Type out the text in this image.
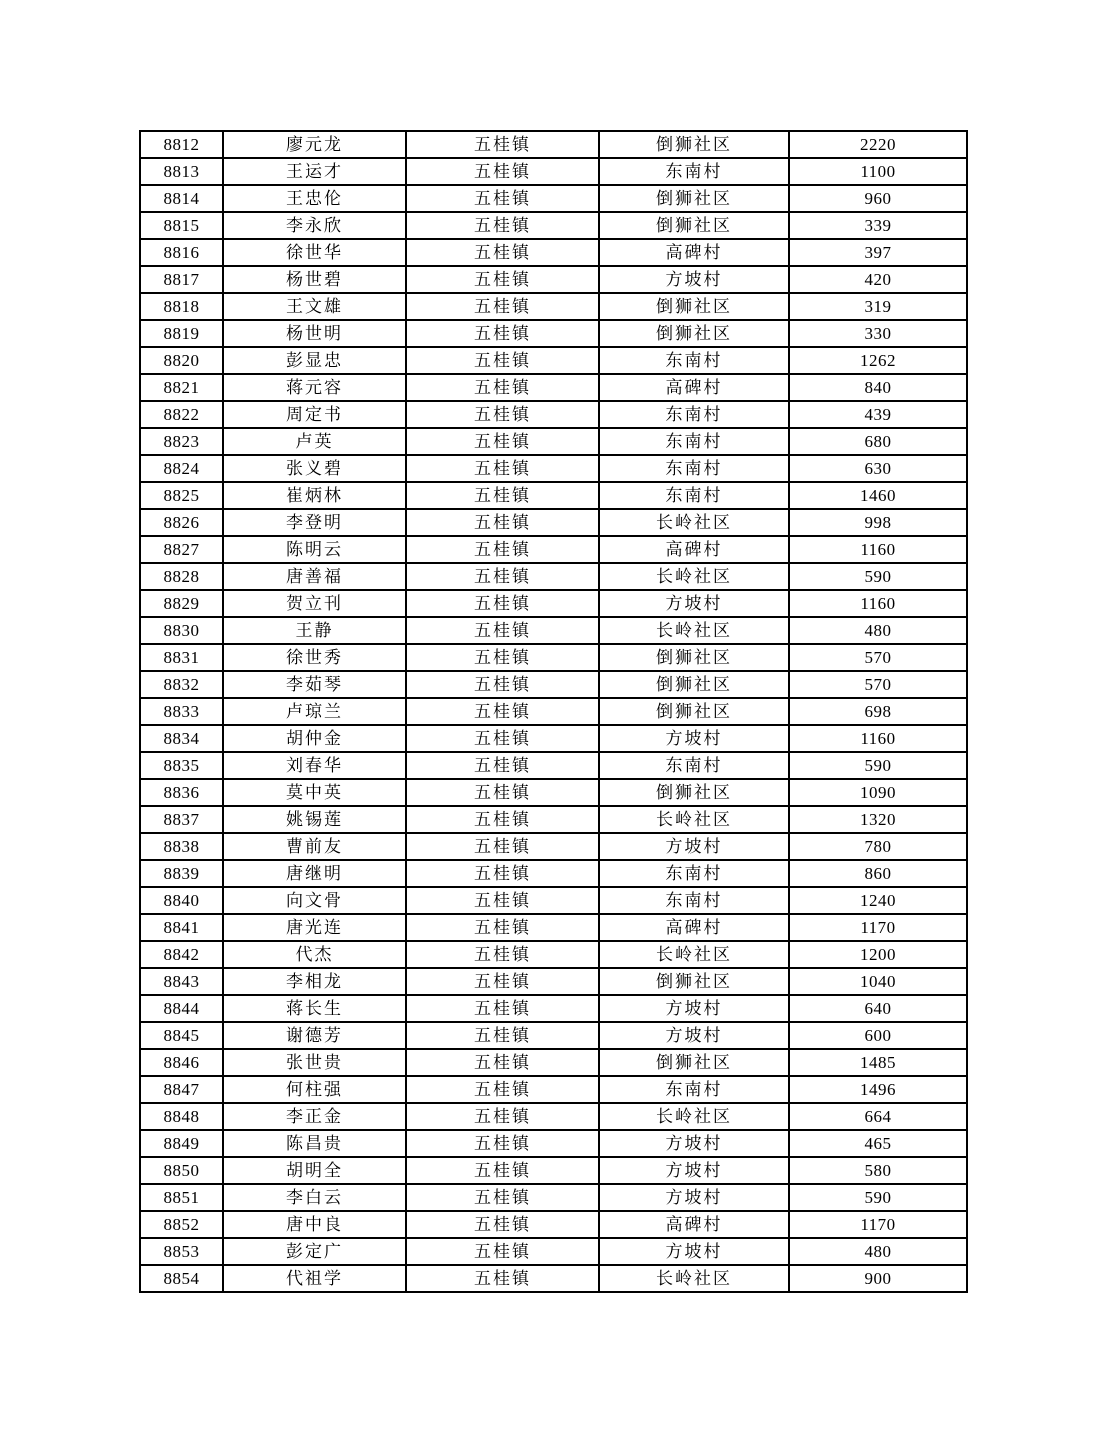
8812	廖元龙	五桂镇	倒狮社区	2220
8813	王运才	五桂镇	东南村	1100
8814	王忠伦	五桂镇	倒狮社区	960
8815	李永欣	五桂镇	倒狮社区	339
8816	徐世华	五桂镇	高碑村	397
8817	杨世碧	五桂镇	方坡村	420
8818	王文雄	五桂镇	倒狮社区	319
8819	杨世明	五桂镇	倒狮社区	330
8820	彭显忠	五桂镇	东南村	1262
8821	蒋元容	五桂镇	高碑村	840
8822	周定书	五桂镇	东南村	439
8823	卢英	五桂镇	东南村	680
8824	张义碧	五桂镇	东南村	630
8825	崔炳林	五桂镇	东南村	1460
8826	李登明	五桂镇	长岭社区	998
8827	陈明云	五桂镇	高碑村	1160
8828	唐善福	五桂镇	长岭社区	590
8829	贺立刊	五桂镇	方坡村	1160
8830	王静	五桂镇	长岭社区	480
8831	徐世秀	五桂镇	倒狮社区	570
8832	李茹琴	五桂镇	倒狮社区	570
8833	卢琼兰	五桂镇	倒狮社区	698
8834	胡仲金	五桂镇	方坡村	1160
8835	刘春华	五桂镇	东南村	590
8836	莫中英	五桂镇	倒狮社区	1090
8837	姚锡莲	五桂镇	长岭社区	1320
8838	曹前友	五桂镇	方坡村	780
8839	唐继明	五桂镇	东南村	860
8840	向文骨	五桂镇	东南村	1240
8841	唐光连	五桂镇	高碑村	1170
8842	代杰	五桂镇	长岭社区	1200
8843	李相龙	五桂镇	倒狮社区	1040
8844	蒋长生	五桂镇	方坡村	640
8845	谢德芳	五桂镇	方坡村	600
8846	张世贵	五桂镇	倒狮社区	1485
8847	何柱强	五桂镇	东南村	1496
8848	李正金	五桂镇	长岭社区	664
8849	陈昌贵	五桂镇	方坡村	465
8850	胡明全	五桂镇	方坡村	580
8851	李白云	五桂镇	方坡村	590
8852	唐中良	五桂镇	高碑村	1170
8853	彭定广	五桂镇	方坡村	480
8854	代祖学	五桂镇	长岭社区	900
